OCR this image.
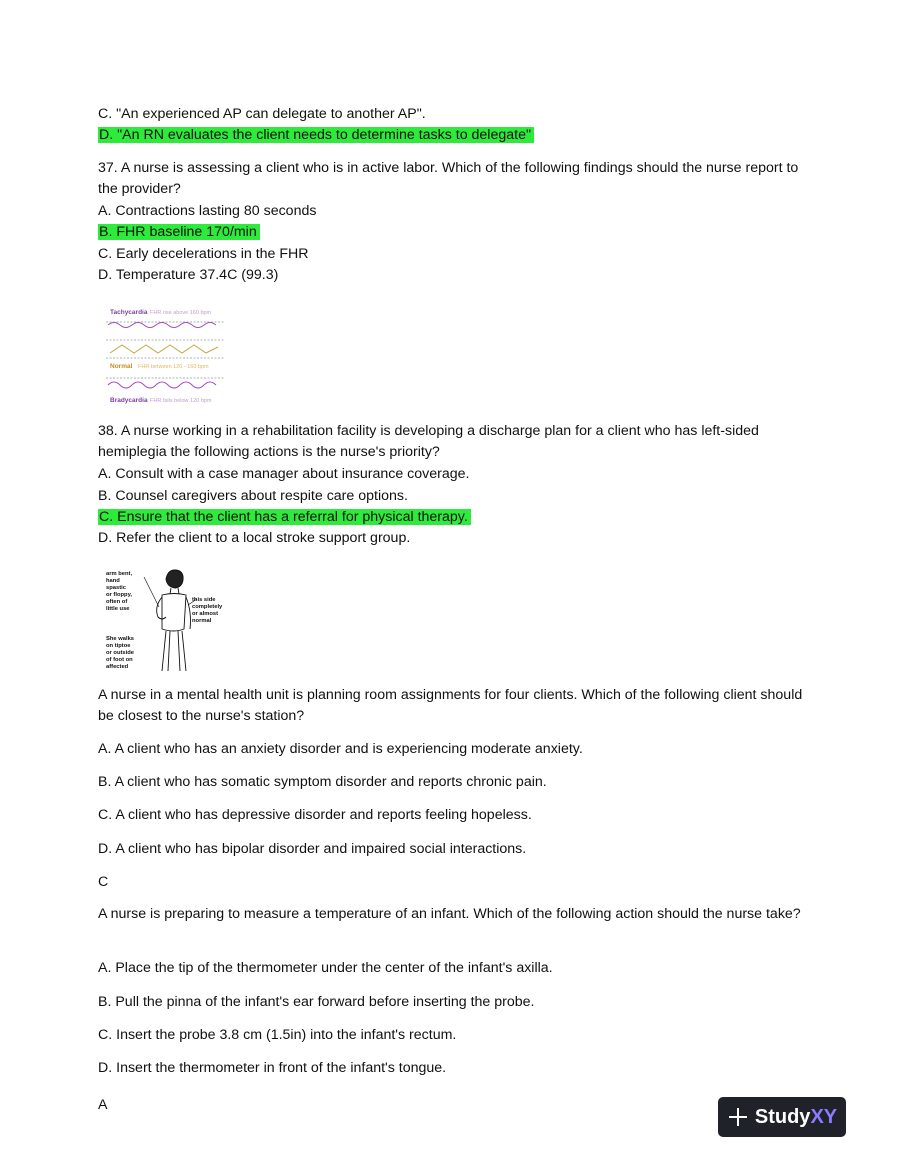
C. "An experienced AP can delegate to another AP".
D. "An RN evaluates the client needs to determine tasks to delegate"
37. A nurse is assessing a client who is in active labor. Which of the following findings should the nurse report to the provider?
A. Contractions lasting 80 seconds
B. FHR baseline 170/min
C. Early decelerations in the FHR
D. Temperature 37.4C (99.3)
Tachycardia FHR rise above 160 bpm
Normal FHR between 120 - 160 bpm
Bradycardia FHR falls below 120 bpm
38. A nurse working in a rehabilitation facility is developing a discharge plan for a client who has left-sided hemiplegia the following actions is the nurse's priority?
A. Consult with a case manager about insurance coverage.
B. Counsel caregivers about respite care options.
C. Ensure that the client has a referral for physical therapy.
D. Refer the client to a local stroke support group.
arm bent,
hand
spastic
or floppy,
often of
little use
this side
completely
or almost
normal
She walks
on tiptoe
or outside
of foot on
affected
A nurse in a mental health unit is planning room assignments for four clients. Which of the following client should be closest to the nurse's station?
A. A client who has an anxiety disorder and is experiencing moderate anxiety.
B. A client who has somatic symptom disorder and reports chronic pain.
C. A client who has depressive disorder and reports feeling hopeless.
D. A client who has bipolar disorder and impaired social interactions.
C
A nurse is preparing to measure a temperature of an infant. Which of the following action should the nurse take?
A. Place the tip of the thermometer under the center of the infant's axilla.
B. Pull the pinna of the infant's ear forward before inserting the probe.
C. Insert the probe 3.8 cm (1.5in) into the infant's rectum.
D. Insert the thermometer in front of the infant's tongue.
A
StudyXY
